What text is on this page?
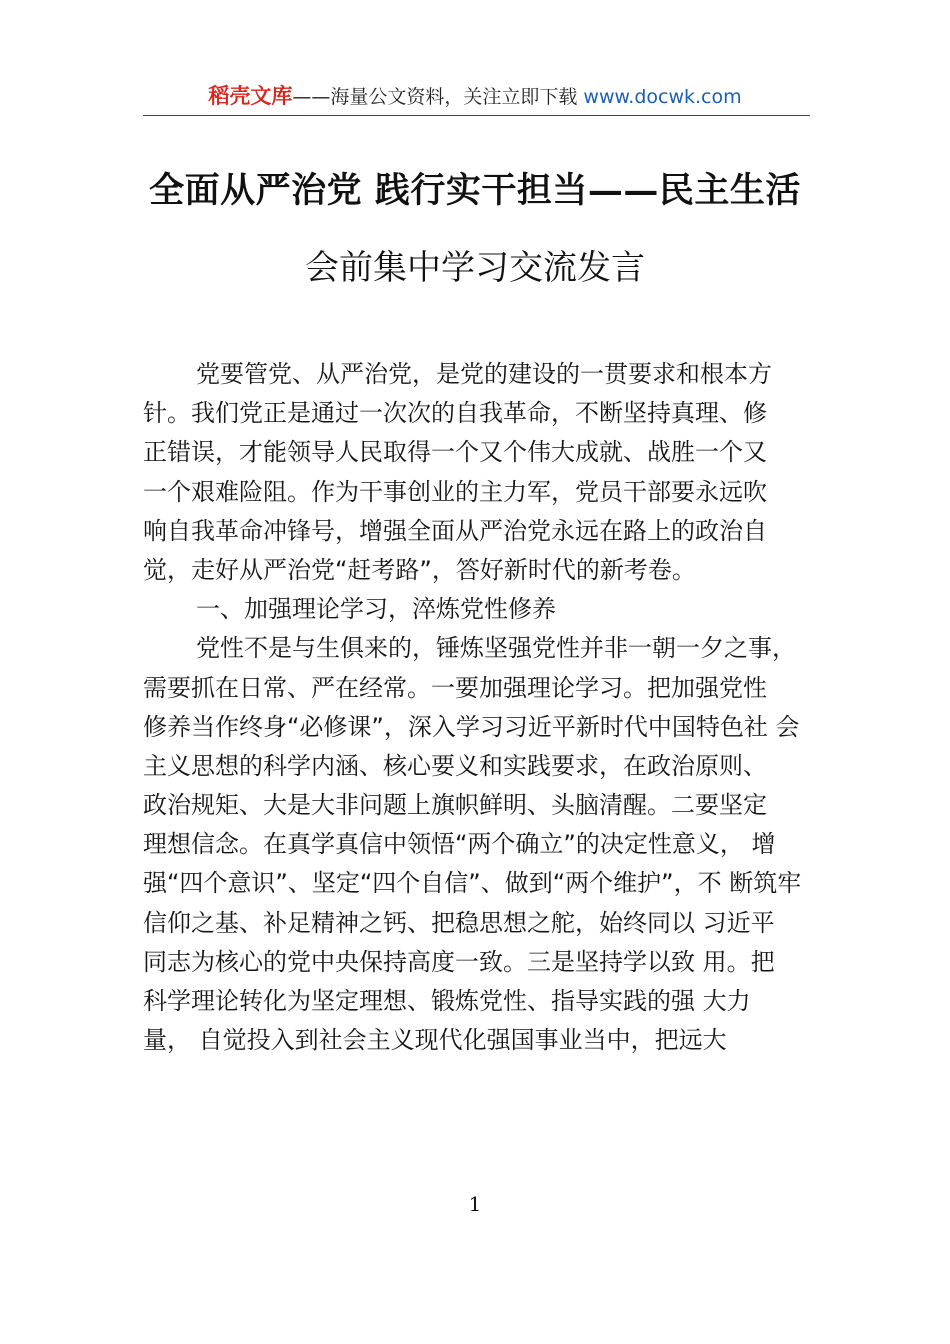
稻壳文库——海量公文资料，关注立即下载 www.docwk.com
全面从严治党 践行实干担当——民主生活
会前集中学习交流发言
党要管党、从严治党，是党的建设的一贯要求和根本方
针。我们党正是通过一次次的自我革命，不断坚持真理、修
正错误，才能领导人民取得一个又个伟大成就、战胜一个又
一个艰难险阻。作为干事创业的主力军，党员干部要永远吹
响自我革命冲锋号，增强全面从严治党永远在路上的政治自
觉，走好从严治党“赶考路”，答好新时代的新考卷。
一、加强理论学习，淬炼党性修养
党性不是与生俱来的，锤炼坚强党性并非一朝一夕之事，
需要抓在日常、严在经常。一要加强理论学习。把加强党性
修养当作终身“必修课”，深入学习习近平新时代中国特色社 会
主义思想的科学内涵、核心要义和实践要求，在政治原则、
政治规矩、大是大非问题上旗帜鲜明、头脑清醒。二要坚定
理想信念。在真学真信中领悟“两个确立”的决定性意义， 增
强“四个意识”、坚定“四个自信”、做到“两个维护”，不 断筑牢
信仰之基、补足精神之钙、把稳思想之舵，始终同以 习近平
同志为核心的党中央保持高度一致。三是坚持学以致 用。把
科学理论转化为坚定理想、锻炼党性、指导实践的强 大力
量， 自觉投入到社会主义现代化强国事业当中，把远大
1
